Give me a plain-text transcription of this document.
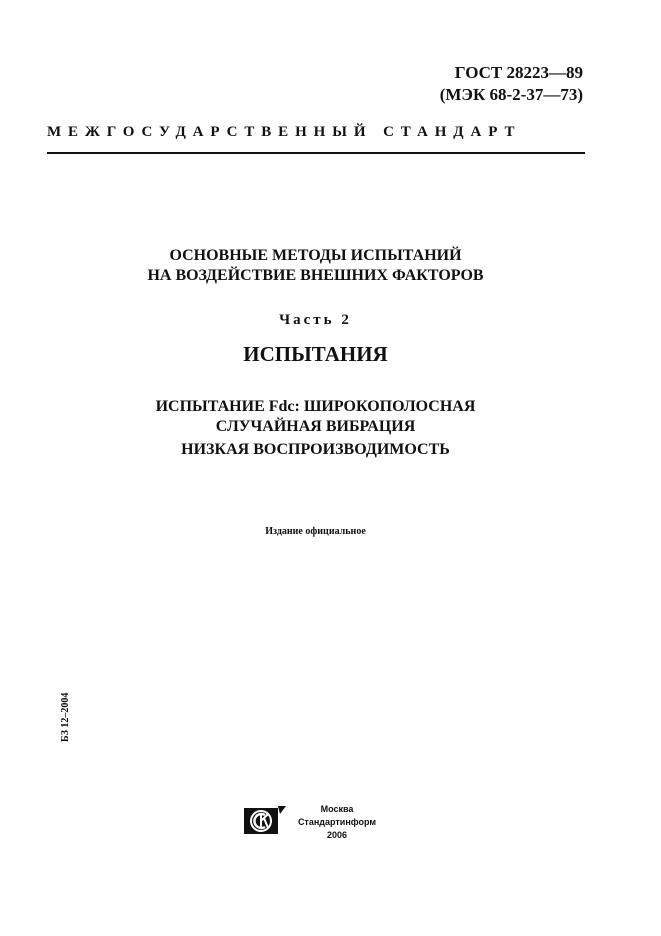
ГОСТ 28223—89
(МЭК 68-2-37—73)
МЕЖГОСУДАРСТВЕННЫЙ СТАНДАРТ
ОСНОВНЫЕ МЕТОДЫ ИСПЫТАНИЙ
НА ВОЗДЕЙСТВИЕ ВНЕШНИХ ФАКТОРОВ
Часть 2
ИСПЫТАНИЯ
ИСПЫТАНИЕ Fdc: ШИРОКОПОЛОСНАЯ
СЛУЧАЙНАЯ ВИБРАЦИЯ
НИЗКАЯ ВОСПРОИЗВОДИМОСТЬ
Издание официальное
БЗ 12–2004
Москва
Стандартинформ
2006
